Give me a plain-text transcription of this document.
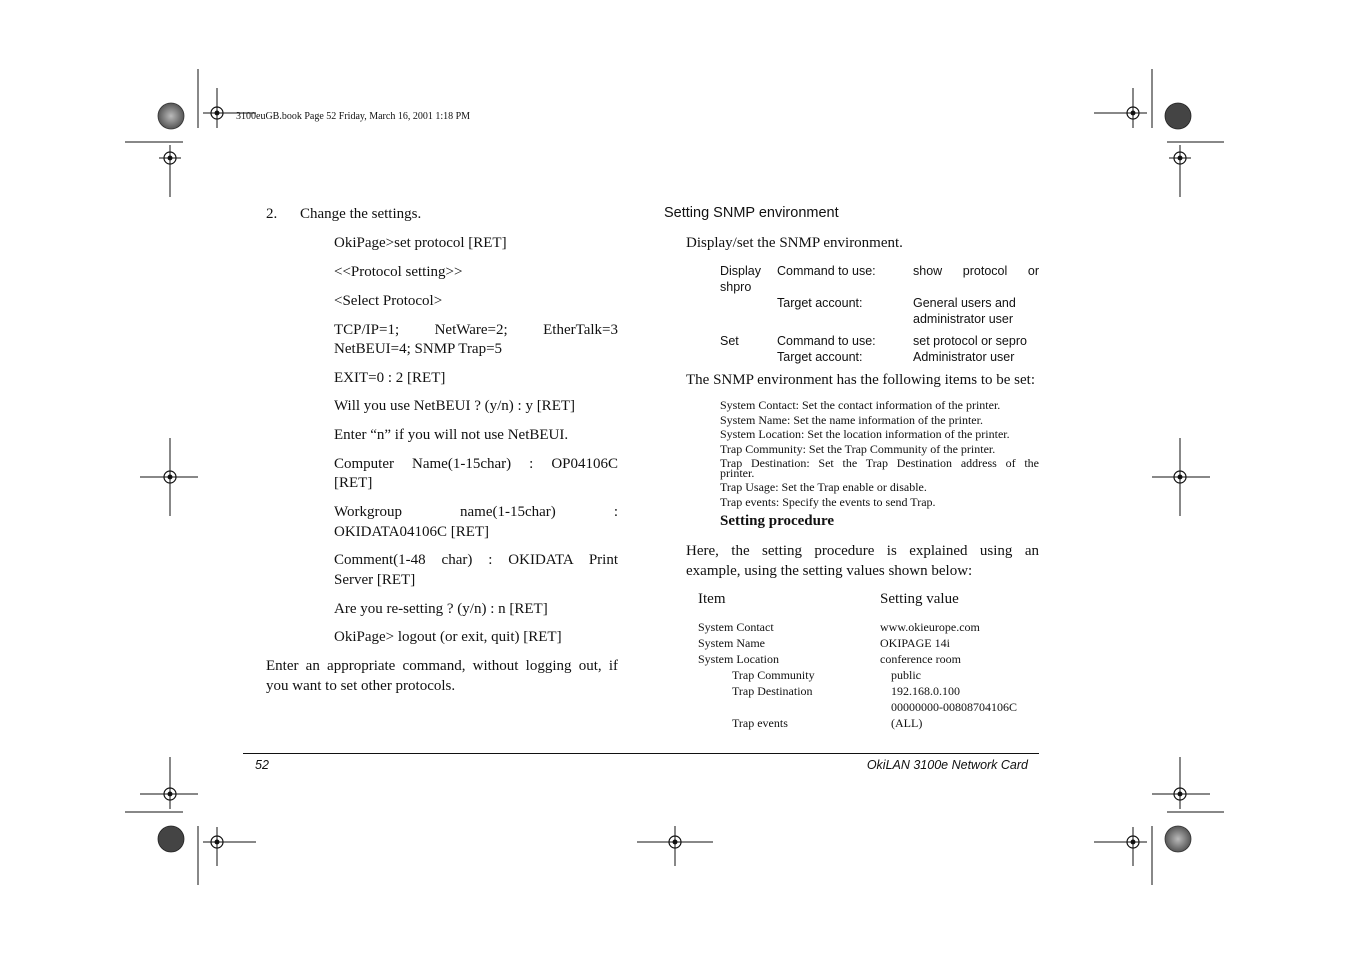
3100euGB.book Page 52 Friday, March 16, 2001 1:18 PM
2. Change the settings.
OkiPage>set protocol [RET]
<<Protocol setting>>
<Select Protocol>
TCP/IP=1; NetWare=2; EtherTalk=3
NetBEUI=4; SNMP Trap=5
EXIT=0 : 2 [RET]
Will you use NetBEUI ? (y/n) : y [RET]
Enter “n” if you will not use NetBEUI.
Computer Name(1-15char) : OP04106C
[RET]
Workgroup name(1-15char) :
OKIDATA04106C [RET]
Comment(1-48 char) : OKIDATA Print
Server [RET]
Are you re-setting ? (y/n) : n [RET]
OkiPage> logout (or exit, quit) [RET]
Enter an appropriate command, without logging out, if
you want to set other protocols.
Setting SNMP environment
Display/set the SNMP environment.
Display Command to use:	show protocol or
shpro
Target account:	General users and
administrator user
Set	Command to use:	set protocol or sepro
Target account:	Administrator user
The SNMP environment has the following items to be set:
System Contact: Set the contact information of the printer.
System Name: Set the name information of the printer.
System Location: Set the location information of the printer.
Trap Community: Set the Trap Community of the printer.
Trap Destination: Set the Trap Destination address of the
printer.
Trap Usage: Set the Trap enable or disable.
Trap events: Specify the events to send Trap.
Setting procedure
Here, the setting procedure is explained using an
example, using the setting values shown below:
Item	Setting value
System Contact	www.okieurope.com
System Name	OKIPAGE 14i
System Location	conference room
Trap Community	public
Trap Destination	192.168.0.100
00000000-00808704106C
Trap events	(ALL)
52	OkiLAN 3100e Network Card
